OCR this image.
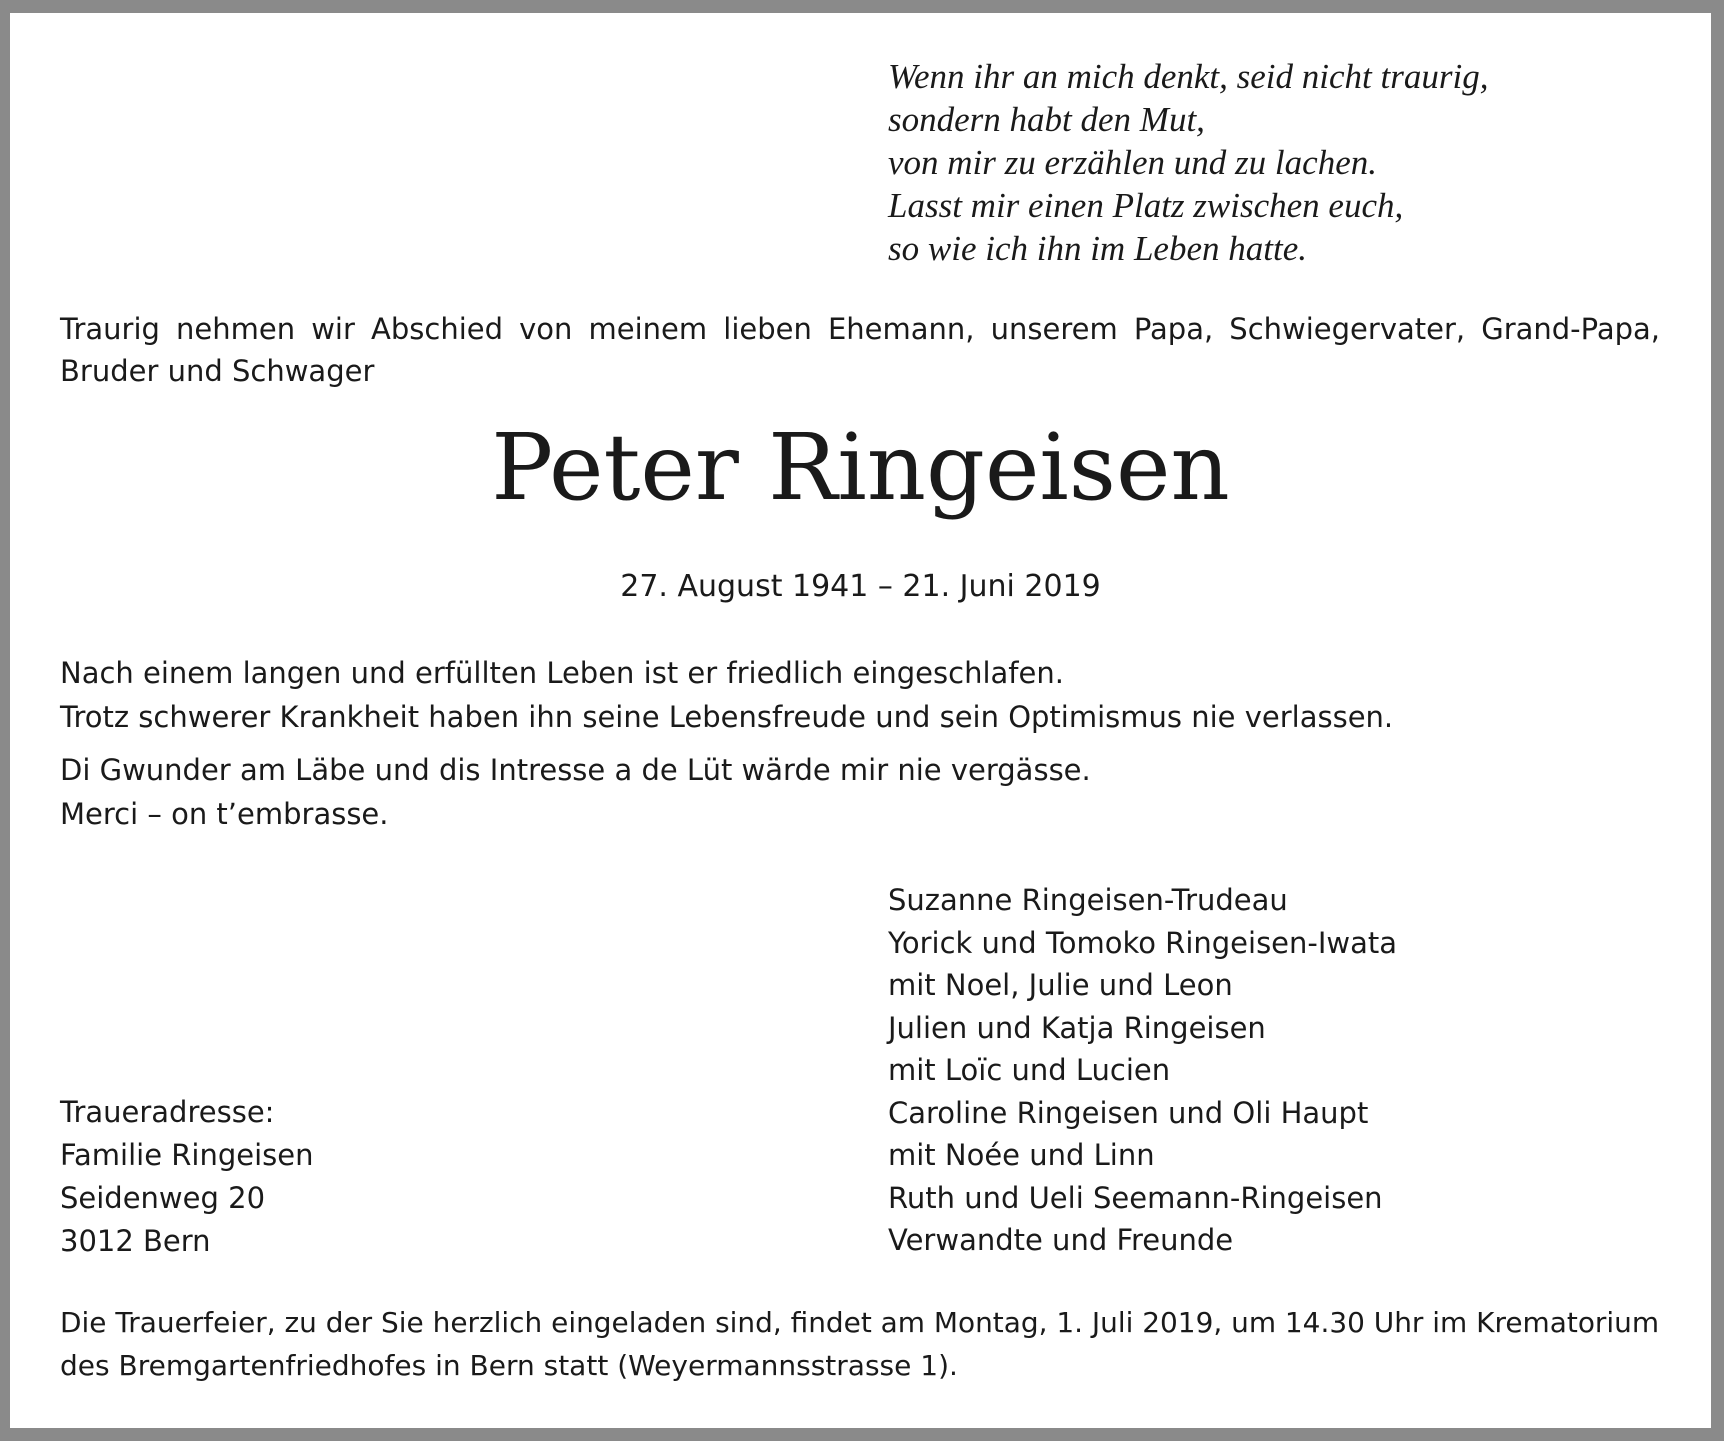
Wenn ihr an mich denkt, seid nicht traurig,
sondern habt den Mut,
von mir zu erzählen und zu lachen.
Lasst mir einen Platz zwischen euch,
so wie ich ihn im Leben hatte.
Traurig nehmen wir Abschied von meinem lieben Ehemann, unserem Papa, Schwiegervater, Grand-Papa, Bruder und Schwager
Peter Ringeisen
27. August 1941 – 21. Juni 2019
Nach einem langen und erfüllten Leben ist er friedlich eingeschlafen.
Trotz schwerer Krankheit haben ihn seine Lebensfreude und sein Optimismus nie verlassen.
Di Gwunder am Läbe und dis Intresse a de Lüt wärde mir nie vergässe.
Merci – on t’embrasse.
Suzanne Ringeisen-Trudeau
Yorick und Tomoko Ringeisen-Iwata
mit Noel, Julie und Leon
Julien und Katja Ringeisen
mit Loïc und Lucien
Caroline Ringeisen und Oli Haupt
mit Noée und Linn
Ruth und Ueli Seemann-Ringeisen
Verwandte und Freunde
Traueradresse:
Familie Ringeisen
Seidenweg 20
3012 Bern
Die Trauerfeier, zu der Sie herzlich eingeladen sind, findet am Montag, 1. Juli 2019, um 14.30 Uhr im Krematorium
des Bremgartenfriedhofes in Bern statt (Weyermannsstrasse 1).
